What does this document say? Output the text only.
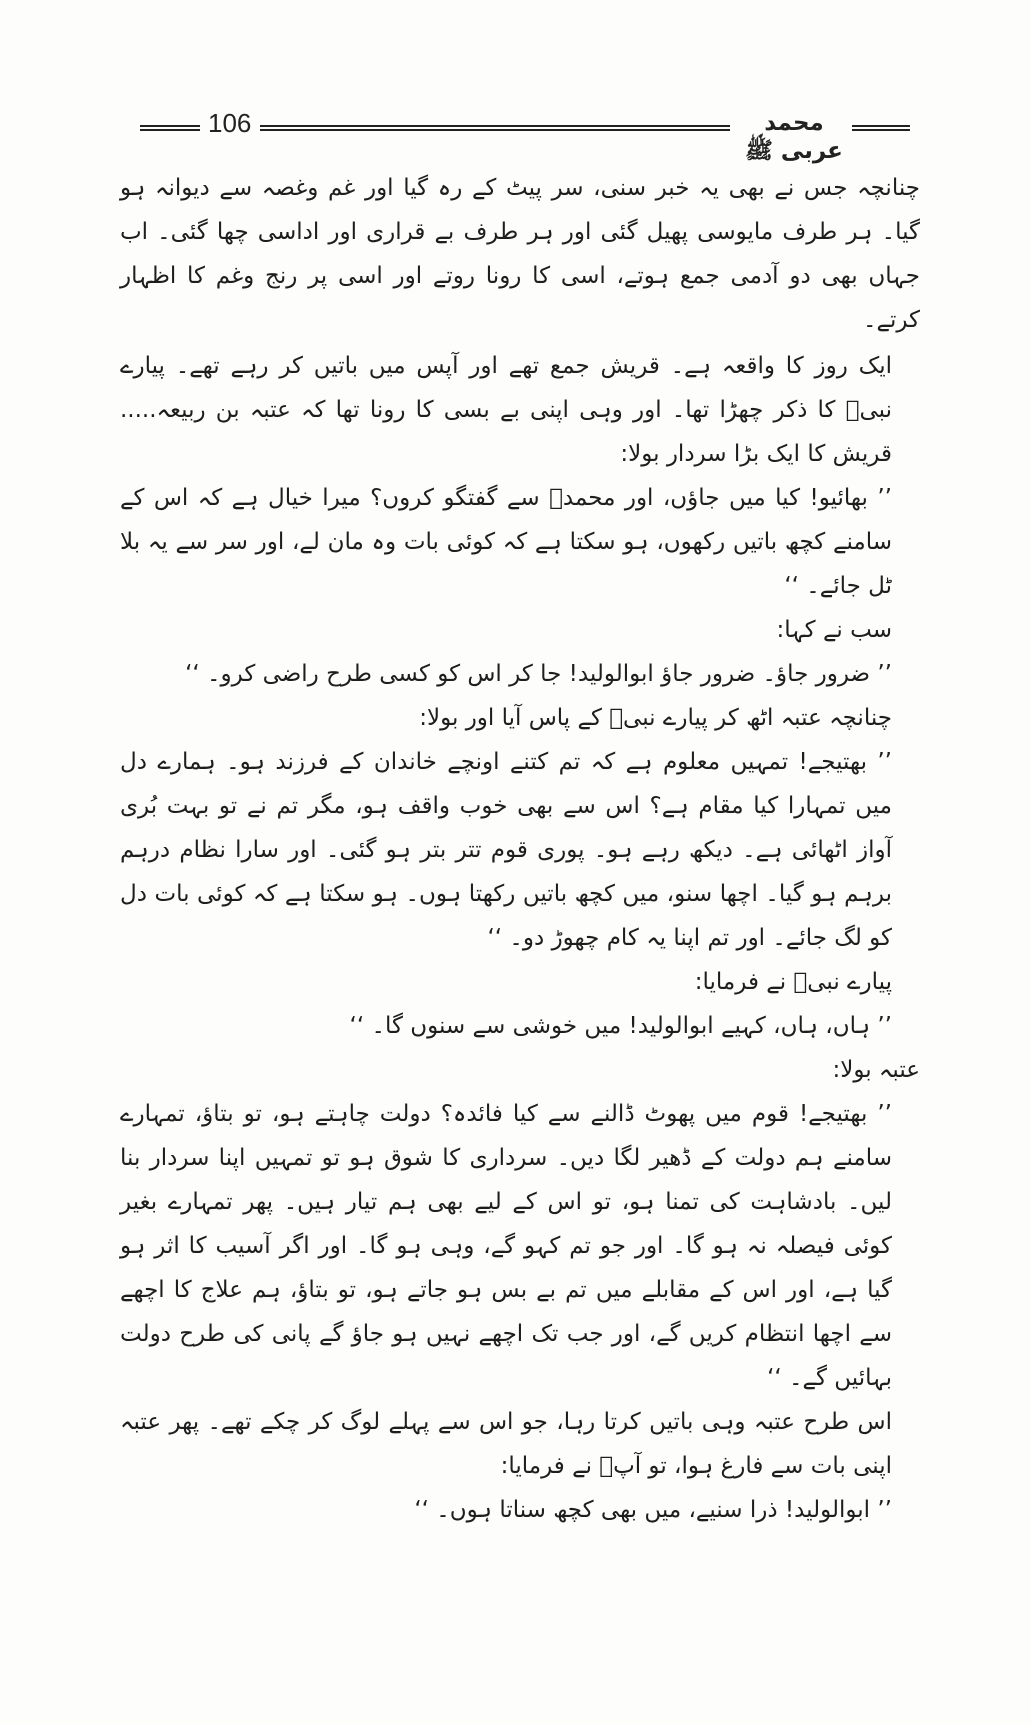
106	محمد عربی ﷺ

چنانچہ جس نے بھی یہ خبر سنی، سر پیٹ کے رہ گیا اور غم وغصہ سے دیوانہ ہو گیا۔ ہر طرف مایوسی پھیل گئی اور ہر طرف بے قراری اور اداسی چھا گئی۔ اب جہاں بھی دو آدمی جمع ہوتے، اسی کا رونا روتے اور اسی پر رنج وغم کا اظہار کرتے۔

ایک روز کا واقعہ ہے۔ قریش جمع تھے اور آپس میں باتیں کر رہے تھے۔ پیارے نبیؐ کا ذکر چھڑا تھا۔ اور وہی اپنی بے بسی کا رونا تھا کہ عتبہ بن ربیعہ..... قریش کا ایک بڑا سردار بولا:

’’ بھائیو! کیا میں جاؤں، اور محمدؐ سے گفتگو کروں؟ میرا خیال ہے کہ اس کے سامنے کچھ باتیں رکھوں، ہو سکتا ہے کہ کوئی بات وہ مان لے، اور سر سے یہ بلا ٹل جائے۔ ‘‘

سب نے کہا:

’’ ضرور جاؤ۔ ضرور جاؤ ابوالولید! جا کر اس کو کسی طرح راضی کرو۔ ‘‘

چنانچہ عتبہ اٹھ کر پیارے نبیؐ کے پاس آیا اور بولا:

’’ بھتیجے! تمہیں معلوم ہے کہ تم کتنے اونچے خاندان کے فرزند ہو۔ ہمارے دل میں تمہارا کیا مقام ہے؟ اس سے بھی خوب واقف ہو، مگر تم نے تو بہت بُری آواز اٹھائی ہے۔ دیکھ رہے ہو۔ پوری قوم تتر بتر ہو گئی۔ اور سارا نظام درہم برہم ہو گیا۔ اچھا سنو، میں کچھ باتیں رکھتا ہوں۔ ہو سکتا ہے کہ کوئی بات دل کو لگ جائے۔ اور تم اپنا یہ کام چھوڑ دو۔ ‘‘

پیارے نبیؐ نے فرمایا:

’’ ہاں، ہاں، کہیے ابوالولید! میں خوشی سے سنوں گا۔ ‘‘

عتبہ بولا:

’’ بھتیجے! قوم میں پھوٹ ڈالنے سے کیا فائدہ؟ دولت چاہتے ہو، تو بتاؤ، تمہارے سامنے ہم دولت کے ڈھیر لگا دیں۔ سرداری کا شوق ہو تو تمہیں اپنا سردار بنا لیں۔ بادشاہت کی تمنا ہو، تو اس کے لیے بھی ہم تیار ہیں۔ پھر تمہارے بغیر کوئی فیصلہ نہ ہو گا۔ اور جو تم کہو گے، وہی ہو گا۔ اور اگر آسیب کا اثر ہو گیا ہے، اور اس کے مقابلے میں تم بے بس ہو جاتے ہو، تو بتاؤ، ہم علاج کا اچھے سے اچھا انتظام کریں گے، اور جب تک اچھے نہیں ہو جاؤ گے پانی کی طرح دولت بہائیں گے۔ ‘‘

اس طرح عتبہ وہی باتیں کرتا رہا، جو اس سے پہلے لوگ کر چکے تھے۔ پھر عتبہ اپنی بات سے فارغ ہوا، تو آپؐ نے فرمایا:

’’ ابوالولید! ذرا سنیے، میں بھی کچھ سناتا ہوں۔ ‘‘
